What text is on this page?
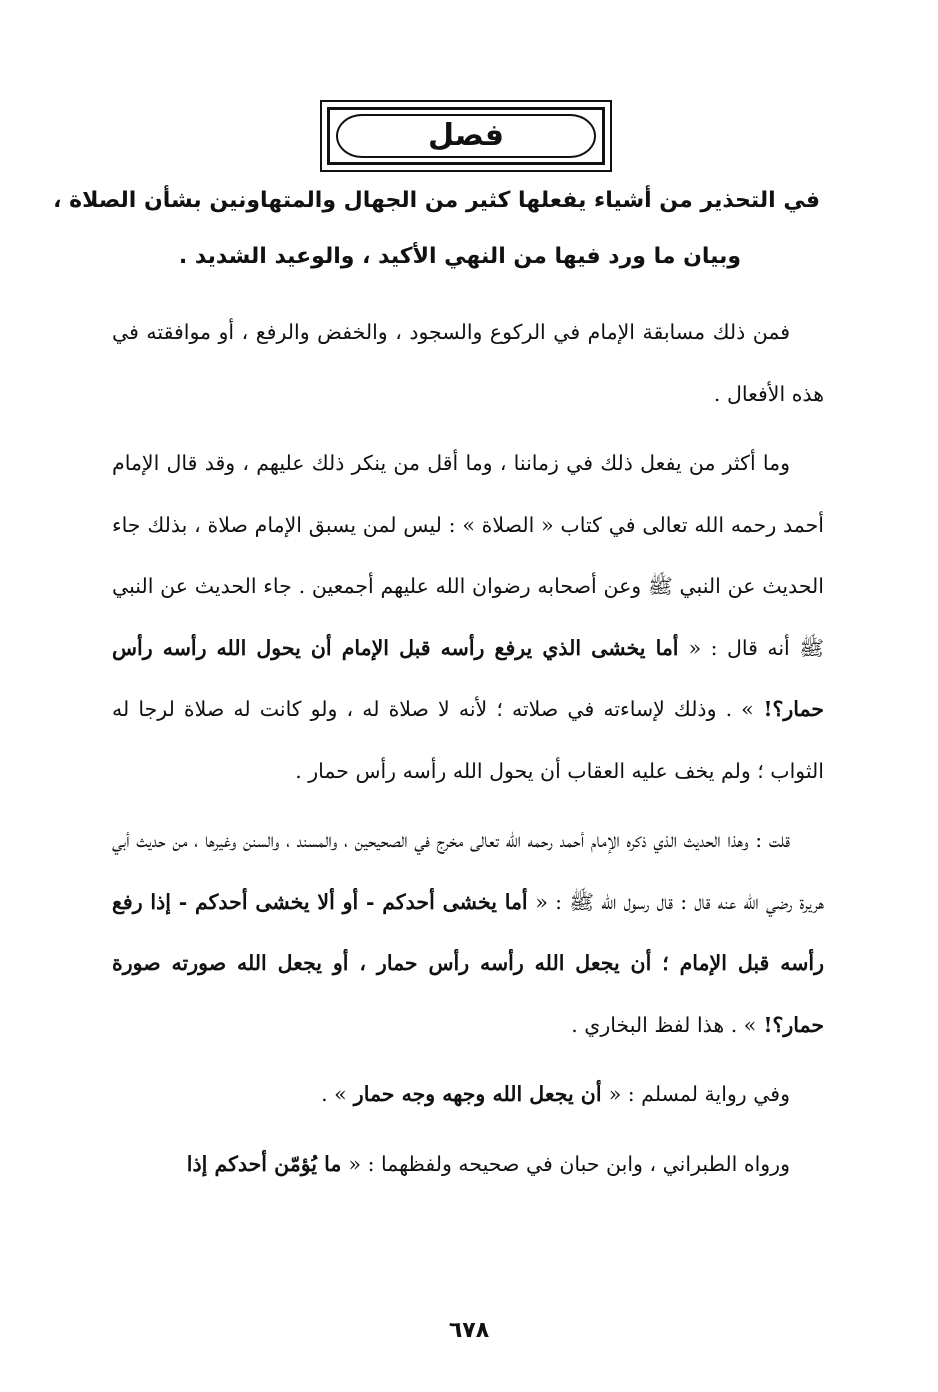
فصل
في التحذير من أشياء يفعلها كثير من الجهال والمتهاونين بشأن الصلاة ،
وبيان ما ورد فيها من النهي الأكيد ، والوعيد الشديد .

فمن ذلك مسابقة الإمام في الركوع والسجود ، والخفض والرفع ، أو موافقته في هذه الأفعال .

وما أكثر من يفعل ذلك في زماننا ، وما أقل من ينكر ذلك عليهم ، وقد قال الإمام أحمد رحمه الله تعالى في كتاب « الصلاة » : ليس لمن يسبق الإمام صلاة ، بذلك جاء الحديث عن النبي ﷺ وعن أصحابه رضوان الله عليهم أجمعين . جاء الحديث عن النبي ﷺ أنه قال : « أما يخشى الذي يرفع رأسه قبل الإمام أن يحول الله رأسه رأس حمار؟! » . وذلك لإساءته في صلاته ؛ لأنه لا صلاة له ، ولو كانت له صلاة لرجا له الثواب ؛ ولم يخف عليه العقاب أن يحول الله رأسه رأس حمار .

قلت : وهذا الحديث الذي ذكره الإمام أحمد رحمه الله تعالى مخرج في الصحيحين ، والمسند ، والسنن وغيرها ، من حديث أبي هريرة رضي الله عنه قال : قال رسول الله ﷺ : « أما يخشى أحدكم - أو ألا يخشى أحدكم - إذا رفع رأسه قبل الإمام ؛ أن يجعل الله رأسه رأس حمار ، أو يجعل الله صورته صورة حمار؟! » . هذا لفظ البخاري .

وفي رواية لمسلم : « أن يجعل الله وجهه وجه حمار » .

ورواه الطبراني ، وابن حبان في صحيحه ولفظهما : « ما يُؤمّن أحدكم إذا

٦٧٨
